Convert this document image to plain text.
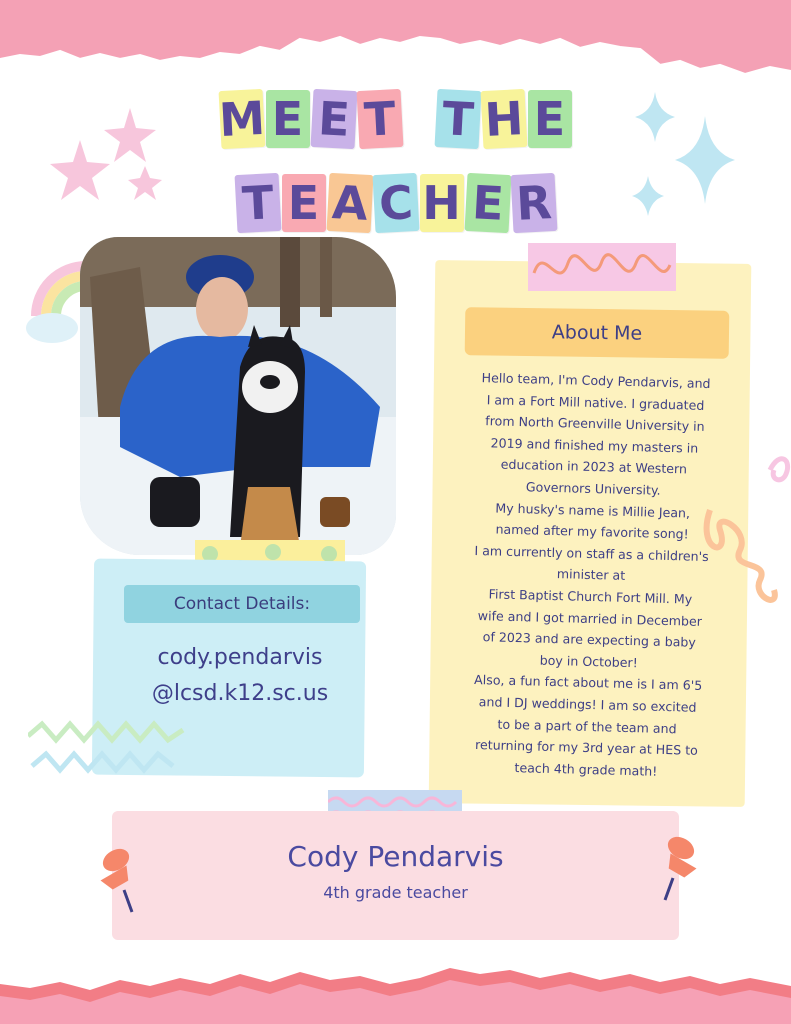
M E E T T H E
T E A C H E R
Contact Details:
cody.pendarvis
@lcsd.k12.sc.us
About Me
Hello team, I'm Cody Pendarvis, and
I am a Fort Mill native. I graduated
from North Greenville University in
2019 and finished my masters in
education in 2023 at Western
Governors University.
My husky's name is Millie Jean,
named after my favorite song!
I am currently on staff as a children's
minister at
First Baptist Church Fort Mill. My
wife and I got married in December
of 2023 and are expecting a baby
boy in October!
Also, a fun fact about me is I am 6'5
and I DJ weddings! I am so excited
to be a part of the team and
returning for my 3rd year at HES to
teach 4th grade math!
Cody Pendarvis
4th grade teacher
